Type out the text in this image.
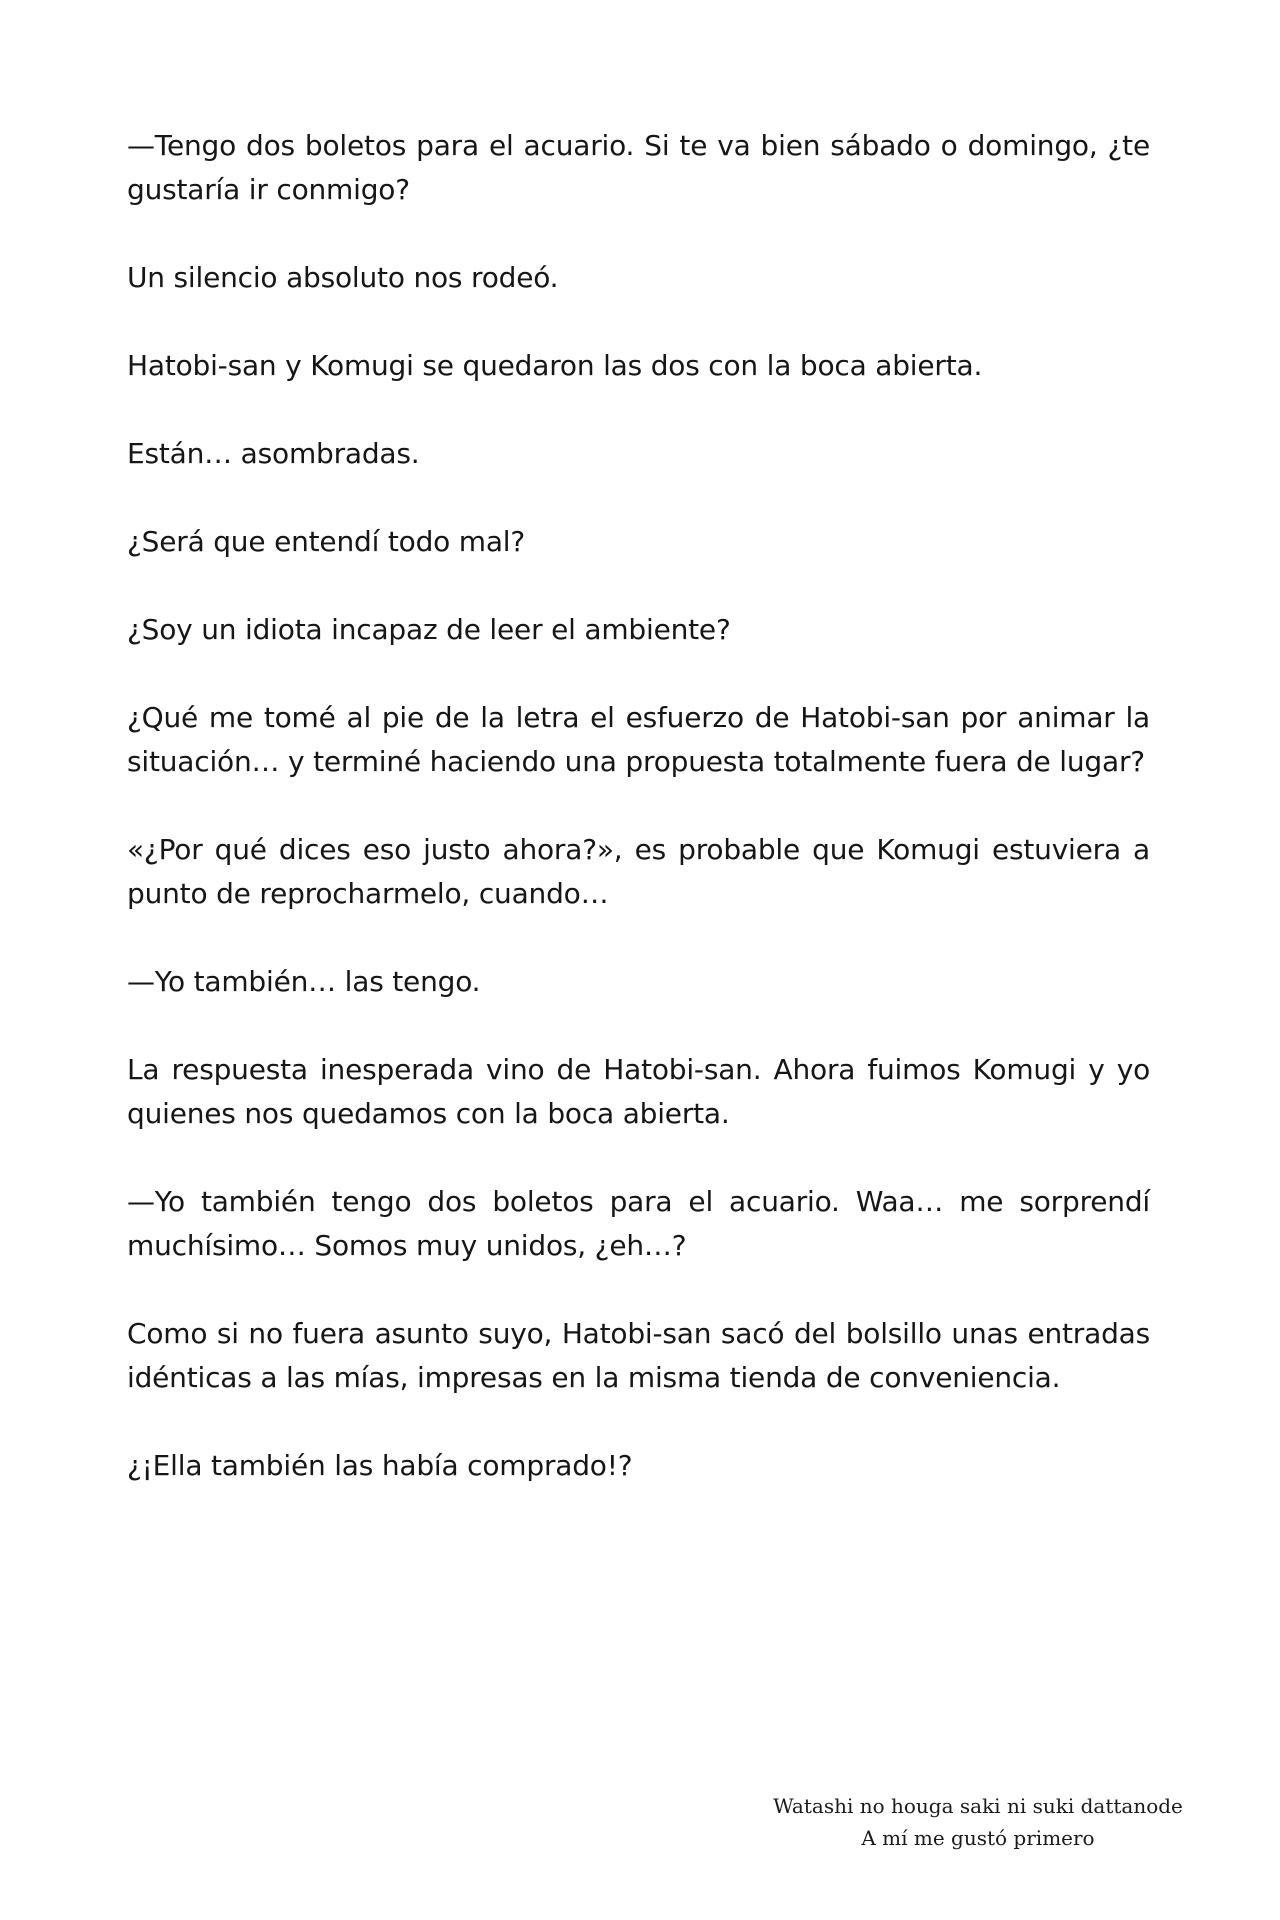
—Tengo dos boletos para el acuario. Si te va bien sábado o domingo, ¿te gustaría ir conmigo?

Un silencio absoluto nos rodeó.

Hatobi-san y Komugi se quedaron las dos con la boca abierta.

Están… asombradas.

¿Será que entendí todo mal?

¿Soy un idiota incapaz de leer el ambiente?

¿Qué me tomé al pie de la letra el esfuerzo de Hatobi-san por animar la situación… y terminé haciendo una propuesta totalmente fuera de lugar?

«¿Por qué dices eso justo ahora?», es probable que Komugi estuviera a punto de reprocharmelo, cuando…

—Yo también… las tengo.

La respuesta inesperada vino de Hatobi-san. Ahora fuimos Komugi y yo quienes nos quedamos con la boca abierta.

—Yo también tengo dos boletos para el acuario. Waa… me sorprendí muchísimo… Somos muy unidos, ¿eh…?

Como si no fuera asunto suyo, Hatobi-san sacó del bolsillo unas entradas idénticas a las mías, impresas en la misma tienda de conveniencia.

¿¡Ella también las había comprado!?

Watashi no houga saki ni suki dattanode
A mí me gustó primero
